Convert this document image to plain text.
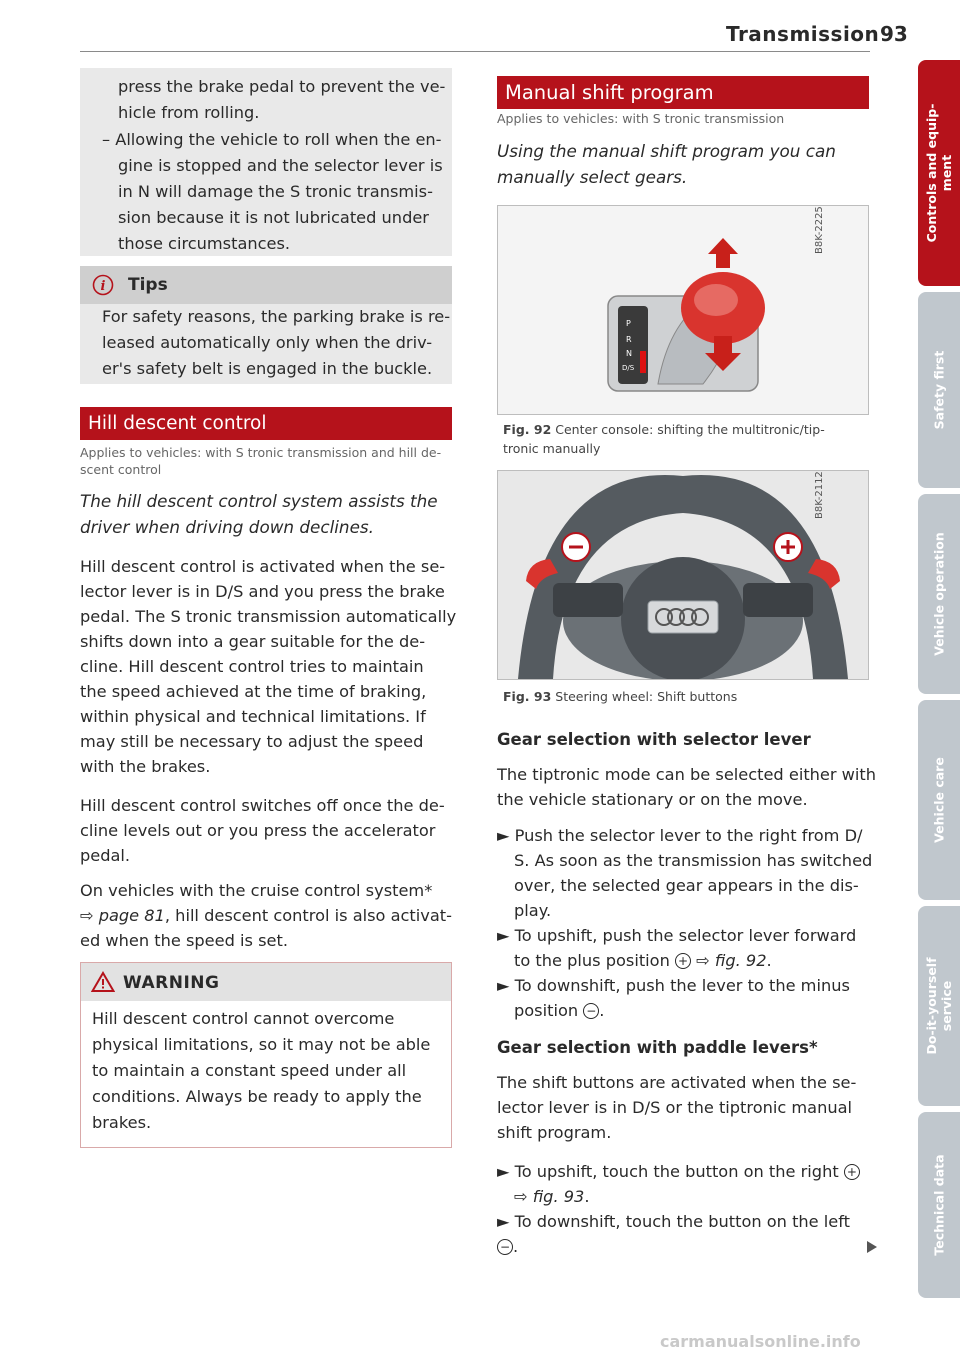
Transmission 93
press the brake pedal to prevent the ve-
hicle from rolling.
– Allowing the vehicle to roll when the en-
gine is stopped and the selector lever is
in N will damage the S tronic transmis-
sion because it is not lubricated under
those circumstances.
i Tips
For safety reasons, the parking brake is re-
leased automatically only when the driv-
er's safety belt is engaged in the buckle.
Hill descent control
Applies to vehicles: with S tronic transmission and hill de-
scent control
The hill descent control system assists the
driver when driving down declines.
Hill descent control is activated when the se-
lector lever is in D/S and you press the brake
pedal. The S tronic transmission automatically
shifts down into a gear suitable for the de-
cline. Hill descent control tries to maintain
the speed achieved at the time of braking,
within physical and technical limitations. If
may still be necessary to adjust the speed
with the brakes.
Hill descent control switches off once the de-
cline levels out or you press the accelerator
pedal.
On vehicles with the cruise control system*
⇨ page 81, hill descent control is also activat-
ed when the speed is set.
WARNING
Hill descent control cannot overcome
physical limitations, so it may not be able
to maintain a constant speed under all
conditions. Always be ready to apply the
brakes.
Manual shift program
Applies to vehicles: with S tronic transmission
Using the manual shift program you can
manually select gears.
P
R
N
D/S
B8K-2225
Fig. 92 Center console: shifting the multitronic/tip-
tronic manually
B8K-2112
Fig. 93 Steering wheel: Shift buttons
Gear selection with selector lever
The tiptronic mode can be selected either with
the vehicle stationary or on the move.
► Push the selector lever to the right from D/
S. As soon as the transmission has switched
over, the selected gear appears in the dis-
play.
► To upshift, push the selector lever forward
to the plus position + ⇨ fig. 92.
► To downshift, push the lever to the minus
position − .
Gear selection with paddle levers*
The shift buttons are activated when the se-
lector lever is in D/S or the tiptronic manual
shift program.
► To upshift, touch the button on the right +
⇨ fig. 93.
► To downshift, touch the button on the left
− .
Controls and equip-
ment
Safety first
Vehicle operation
Vehicle care
Do-it-yourself
service
Technical data
carmanualsonline.info
